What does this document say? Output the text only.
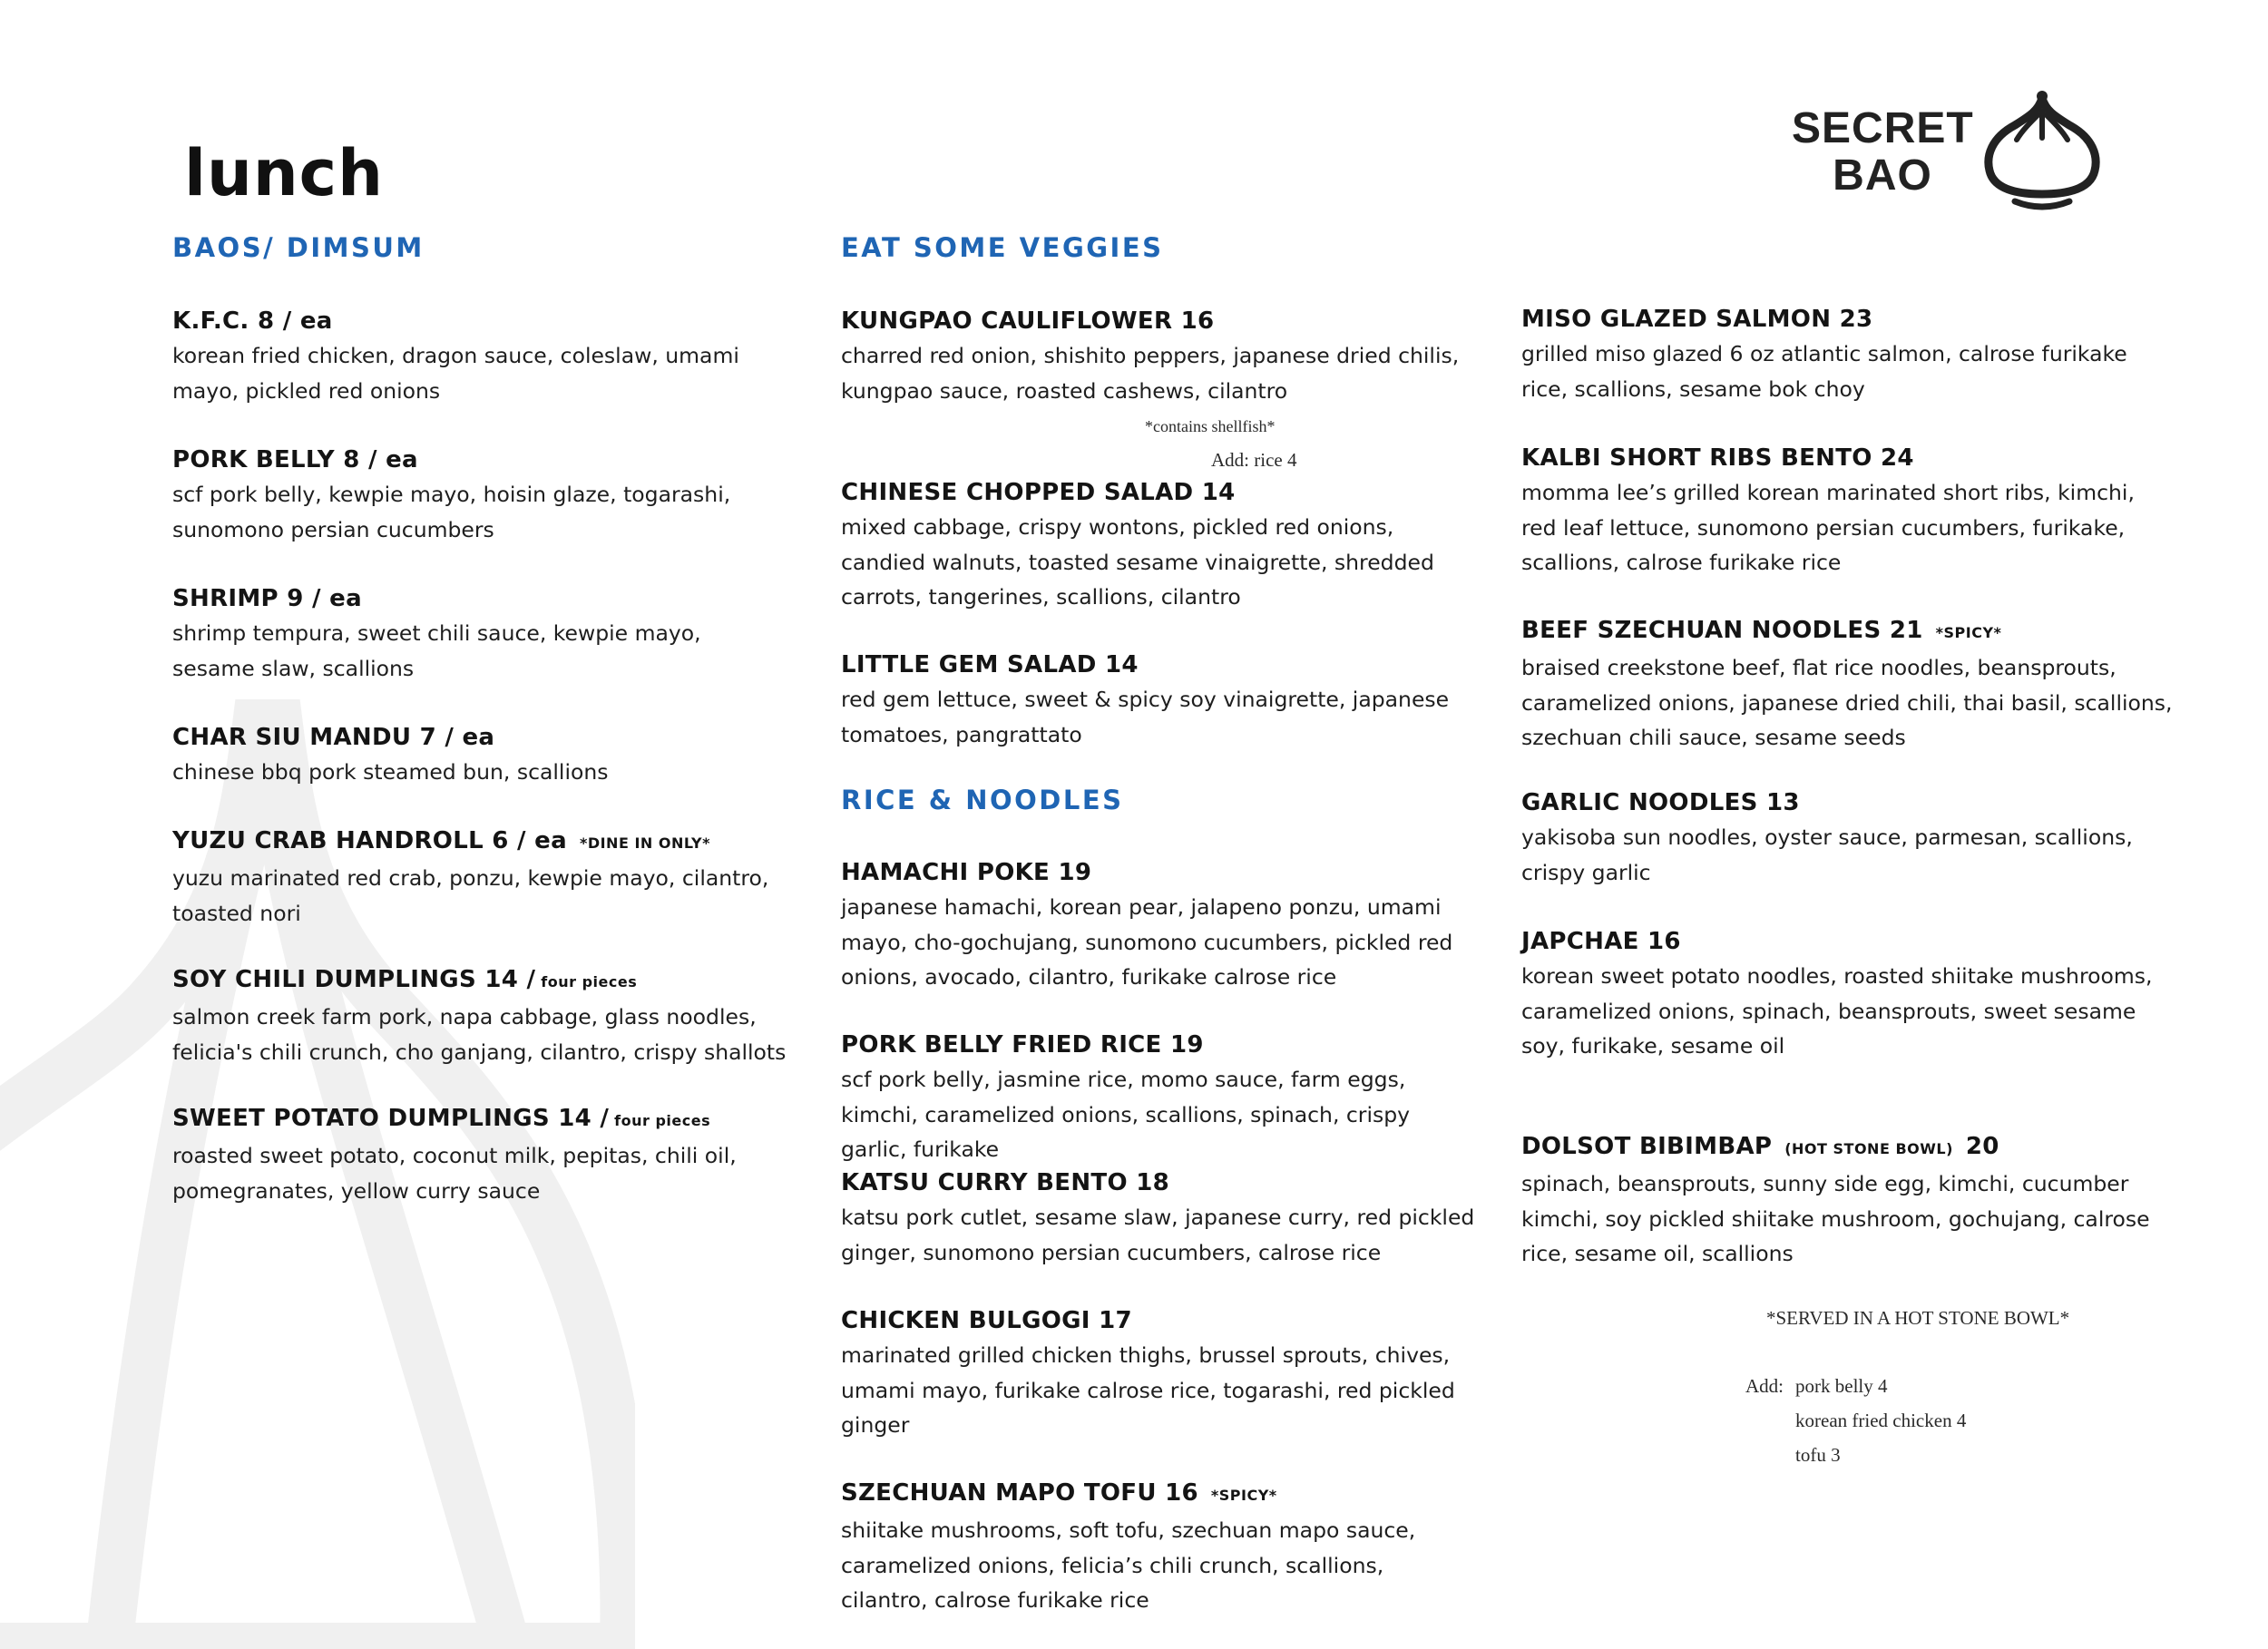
lunch
SECRET
BAO
BAOS/ DIMSUM

K.F.C. 8 / ea

korean fried chicken, dragon sauce, coleslaw, umami mayo, pickled red onions

PORK BELLY 8 / ea

scf pork belly, kewpie mayo, hoisin glaze, togarashi, sunomono persian cucumbers

SHRIMP 9 / ea

shrimp tempura, sweet chili sauce, kewpie mayo, sesame slaw, scallions

CHAR SIU MANDU 7 / ea

chinese bbq pork steamed bun, scallions

YUZU CRAB HANDROLL 6 / ea *DINE IN ONLY*

yuzu marinated red crab, ponzu, kewpie mayo, cilantro, toasted nori

SOY CHILI DUMPLINGS 14 / four pieces

salmon creek farm pork, napa cabbage, glass noodles, felicia's chili crunch, cho ganjang, cilantro, crispy shallots

SWEET POTATO DUMPLINGS 14 / four pieces

roasted sweet potato, coconut milk, pepitas, chili oil, pomegranates, yellow curry sauce

EAT SOME VEGGIES

KUNGPAO CAULIFLOWER 16

charred red onion, shishito peppers, japanese dried chilis, kungpao sauce, roasted cashews, cilantro

*contains shellfish*

Add: rice 4

CHINESE CHOPPED SALAD 14

mixed cabbage, crispy wontons, pickled red onions, candied walnuts, toasted sesame vinaigrette, shredded carrots, tangerines, scallions, cilantro

LITTLE GEM SALAD 14

red gem lettuce, sweet & spicy soy vinaigrette, japanese tomatoes, pangrattato

RICE & NOODLES

HAMACHI POKE 19

japanese hamachi, korean pear, jalapeno ponzu, umami mayo, cho-gochujang, sunomono cucumbers, pickled red onions, avocado, cilantro, furikake calrose rice

PORK BELLY FRIED RICE 19

scf pork belly, jasmine rice, momo sauce, farm eggs, kimchi, caramelized onions, scallions, spinach, crispy garlic, furikake

KATSU CURRY BENTO 18

katsu pork cutlet, sesame slaw, japanese curry, red pickled ginger, sunomono persian cucumbers, calrose rice

CHICKEN BULGOGI 17

marinated grilled chicken thighs, brussel sprouts, chives, umami mayo, furikake calrose rice, togarashi, red pickled ginger

SZECHUAN MAPO TOFU 16 *SPICY*

shiitake mushrooms, soft tofu, szechuan mapo sauce, caramelized onions, felicia’s chili crunch, scallions, cilantro, calrose furikake rice

MISO GLAZED SALMON 23

grilled miso glazed 6 oz atlantic salmon, calrose furikake rice, scallions, sesame bok choy

KALBI SHORT RIBS BENTO 24

momma lee’s grilled korean marinated short ribs, kimchi, red leaf lettuce, sunomono persian cucumbers, furikake, scallions, calrose furikake rice

BEEF SZECHUAN NOODLES 21 *SPICY*

braised creekstone beef, flat rice noodles, beansprouts, caramelized onions, japanese dried chili, thai basil, scallions, szechuan chili sauce, sesame seeds

GARLIC NOODLES 13

yakisoba sun noodles, oyster sauce, parmesan, scallions, crispy garlic

JAPCHAE 16

korean sweet potato noodles, roasted shiitake mushrooms, caramelized onions, spinach, beansprouts, sweet sesame soy, furikake, sesame oil

DOLSOT BIBIMBAP (HOT STONE BOWL) 20

spinach, beansprouts, sunny side egg, kimchi, cucumber kimchi, soy pickled shiitake mushroom, gochujang, calrose rice, sesame oil, scallions

*SERVED IN A HOT STONE BOWL*

Add: pork belly 4
korean fried chicken 4
tofu 3
